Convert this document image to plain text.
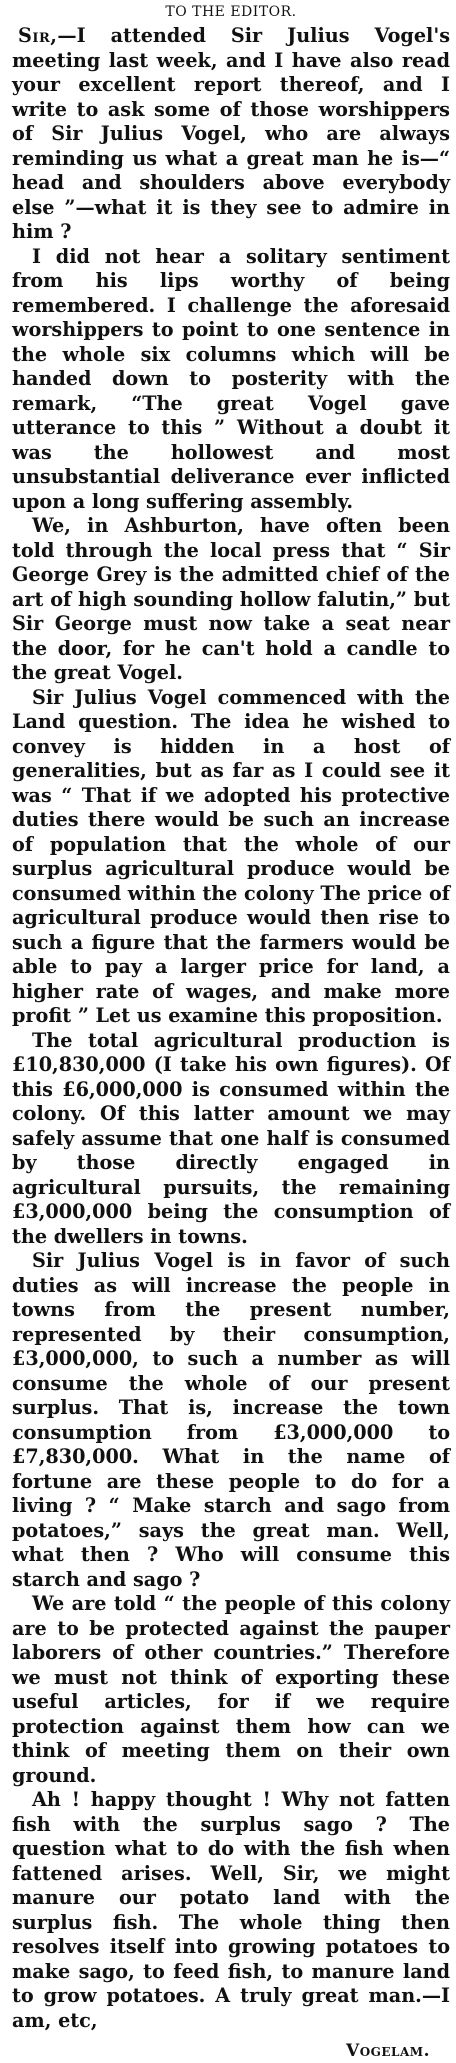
TO THE EDITOR.

Sir,—I attended Sir Julius Vogel's meeting last week, and I have also read your excellent report thereof, and I write to ask some of those worshippers of Sir Julius Vogel, who are always reminding us what a great man he is—“ head and shoulders above everybody else ”—what it is they see to admire in him ?

I did not hear a solitary sentiment from his lips worthy of being remembered. I challenge the aforesaid worshippers to point to one sentence in the whole six columns which will be handed down to posterity with the remark, “The great Vogel gave utterance to this ” Without a doubt it was the hollowest and most unsubstantial deliverance ever inflicted upon a long suffering assembly.

We, in Ashburton, have often been told through the local press that “ Sir George Grey is the admitted chief of the art of high sounding hollow falutin,” but Sir George must now take a seat near the door, for he can't hold a candle to the great Vogel.

Sir Julius Vogel commenced with the Land question. The idea he wished to convey is hidden in a host of generalities, but as far as I could see it was “ That if we adopted his protective duties there would be such an increase of population that the whole of our surplus agricultural produce would be consumed within the colony The price of agricultural produce would then rise to such a figure that the farmers would be able to pay a larger price for land, a higher rate of wages, and make more profit ” Let us examine this proposition.

The total agricultural production is £10,830,000 (I take his own figures). Of this £6,000,000 is consumed within the colony. Of this latter amount we may safely assume that one half is consumed by those directly engaged in agricultural pursuits, the remaining £3,000,000 being the consumption of the dwellers in towns.

Sir Julius Vogel is in favor of such duties as will increase the people in towns from the present number, represented by their consumption, £3,000,000, to such a number as will consume the whole of our present surplus. That is, increase the town consumption from £3,000,000 to £7,830,000. What in the name of fortune are these people to do for a living ? “ Make starch and sago from potatoes,” says the great man. Well, what then ? Who will consume this starch and sago ?

We are told “ the people of this colony are to be protected against the pauper laborers of other countries.” Therefore we must not think of exporting these useful articles, for if we require protection against them how can we think of meeting them on their own ground.

Ah ! happy thought ! Why not fatten fish with the surplus sago ? The question what to do with the fish when fattened arises. Well, Sir, we might manure our potato land with the surplus fish. The whole thing then resolves itself into growing potatoes to make sago, to feed fish, to manure land to grow potatoes. A truly great man.—I am, etc,

Vogelam.
